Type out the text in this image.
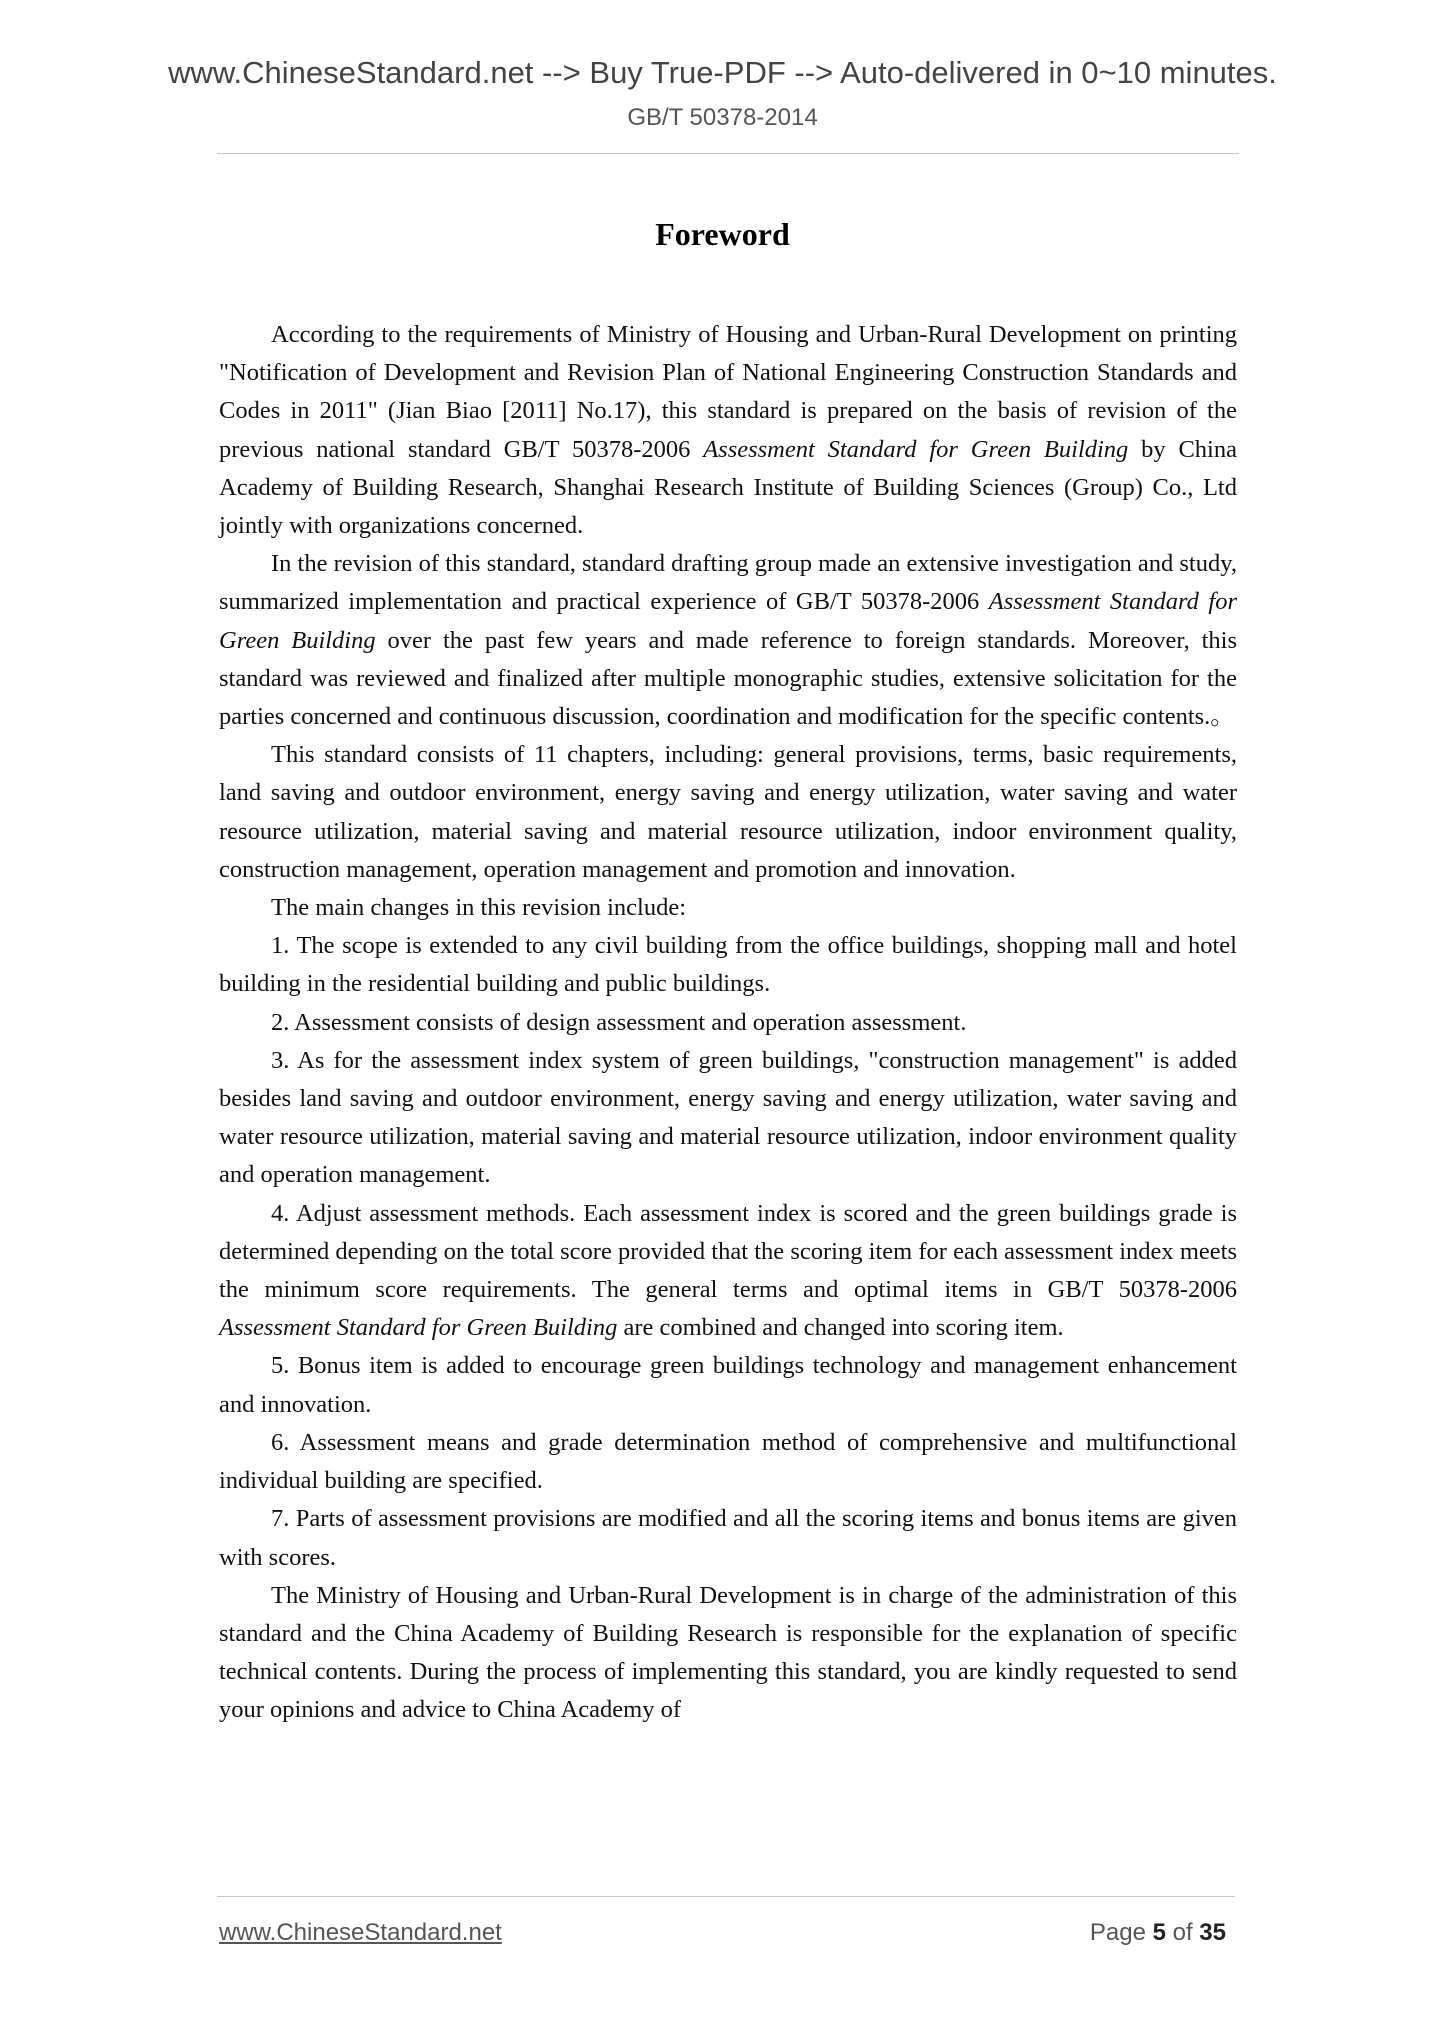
www.ChineseStandard.net --> Buy True-PDF --> Auto-delivered in 0~10 minutes.
GB/T 50378-2014
Foreword

According to the requirements of Ministry of Housing and Urban-Rural Development on printing "Notification of Development and Revision Plan of National Engineering Construction Standards and Codes in 2011" (Jian Biao [2011] No.17), this standard is prepared on the basis of revision of the previous national standard GB/T 50378-2006 Assessment Standard for Green Building by China Academy of Building Research, Shanghai Research Institute of Building Sciences (Group) Co., Ltd jointly with organizations concerned.

In the revision of this standard, standard drafting group made an extensive investigation and study, summarized implementation and practical experience of GB/T 50378-2006 Assessment Standard for Green Building over the past few years and made reference to foreign standards. Moreover, this standard was reviewed and finalized after multiple monographic studies, extensive solicitation for the parties concerned and continuous discussion, coordination and modification for the specific contents.。

This standard consists of 11 chapters, including: general provisions, terms, basic requirements, land saving and outdoor environment, energy saving and energy utilization, water saving and water resource utilization, material saving and material resource utilization, indoor environment quality, construction management, operation management and promotion and innovation.

The main changes in this revision include:

1. The scope is extended to any civil building from the office buildings, shopping mall and hotel building in the residential building and public buildings.

2. Assessment consists of design assessment and operation assessment.

3. As for the assessment index system of green buildings, "construction management" is added besides land saving and outdoor environment, energy saving and energy utilization, water saving and water resource utilization, material saving and material resource utilization, indoor environment quality and operation management.

4. Adjust assessment methods. Each assessment index is scored and the green buildings grade is determined depending on the total score provided that the scoring item for each assessment index meets the minimum score requirements. The general terms and optimal items in GB/T 50378-2006 Assessment Standard for Green Building are combined and changed into scoring item.

5. Bonus item is added to encourage green buildings technology and management enhancement and innovation.

6. Assessment means and grade determination method of comprehensive and multifunctional individual building are specified.

7. Parts of assessment provisions are modified and all the scoring items and bonus items are given with scores.

The Ministry of Housing and Urban-Rural Development is in charge of the administration of this standard and the China Academy of Building Research is responsible for the explanation of specific technical contents. During the process of implementing this standard, you are kindly requested to send your opinions and advice to China Academy of

www.ChineseStandard.net	Page 5 of 35
